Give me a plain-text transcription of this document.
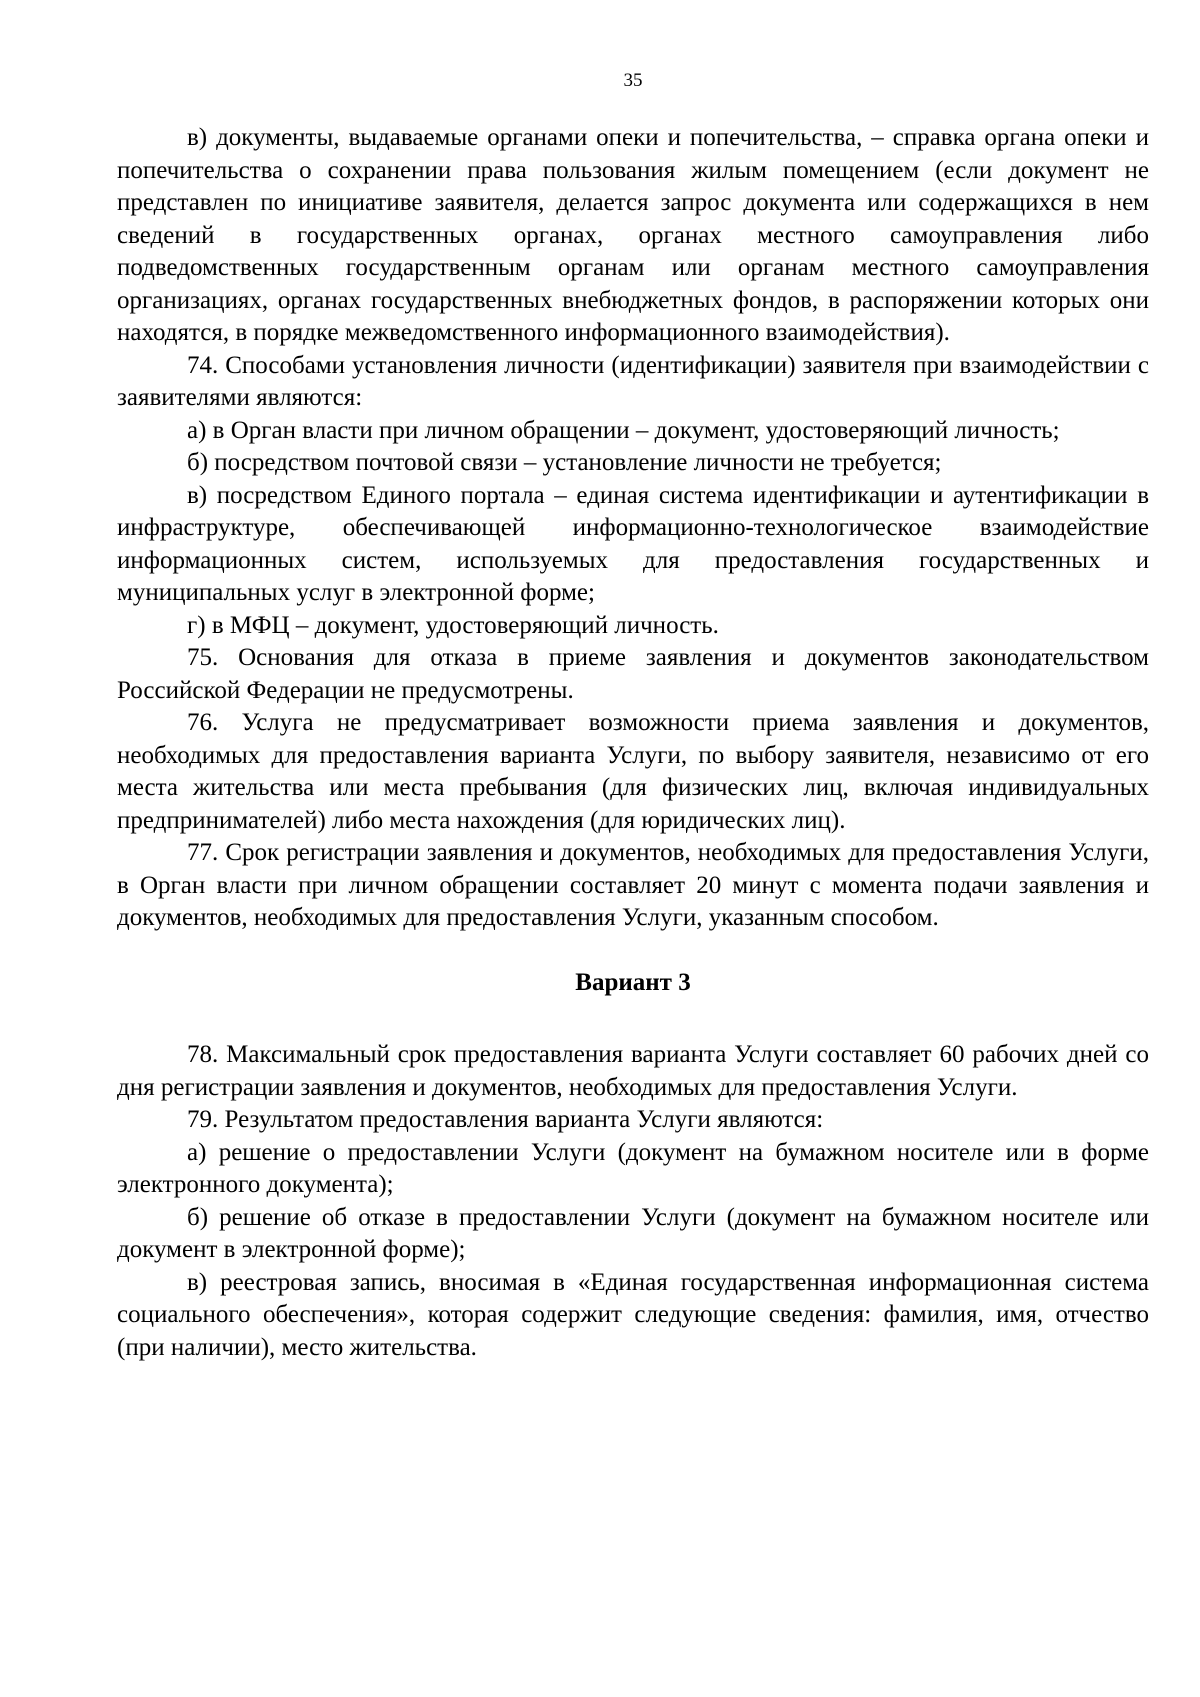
35

в) документы, выдаваемые органами опеки и попечительства, – справка органа опеки и попечительства о сохранении права пользования жилым помещением (если документ не представлен по инициативе заявителя, делается запрос документа или содержащихся в нем сведений в государственных органах, органах местного самоуправления либо подведомственных государственным органам или органам местного самоуправления организациях, органах государственных внебюджетных фондов, в распоряжении которых они находятся, в порядке межведомственного информационного взаимодействия).

74. Способами установления личности (идентификации) заявителя при взаимодействии с заявителями являются:

а) в Орган власти при личном обращении – документ, удостоверяющий личность;

б) посредством почтовой связи – установление личности не требуется;

в) посредством Единого портала – единая система идентификации и аутентификации в инфраструктуре, обеспечивающей информационно-технологическое взаимодействие информационных систем, используемых для предоставления государственных и муниципальных услуг в электронной форме;

г) в МФЦ – документ, удостоверяющий личность.

75. Основания для отказа в приеме заявления и документов законодательством Российской Федерации не предусмотрены.

76. Услуга не предусматривает возможности приема заявления и документов, необходимых для предоставления варианта Услуги, по выбору заявителя, независимо от его места жительства или места пребывания (для физических лиц, включая индивидуальных предпринимателей) либо места нахождения (для юридических лиц).

77. Срок регистрации заявления и документов, необходимых для предоставления Услуги, в Орган власти при личном обращении составляет 20 минут с момента подачи заявления и документов, необходимых для предоставления Услуги, указанным способом.

Вариант 3

78. Максимальный срок предоставления варианта Услуги составляет 60 рабочих дней со дня регистрации заявления и документов, необходимых для предоставления Услуги.

79. Результатом предоставления варианта Услуги являются:

а) решение о предоставлении Услуги (документ на бумажном носителе или в форме электронного документа);

б) решение об отказе в предоставлении Услуги (документ на бумажном носителе или документ в электронной форме);

в) реестровая запись, вносимая в «Единая государственная информационная система социального обеспечения», которая содержит следующие сведения: фамилия, имя, отчество (при наличии), место жительства.
